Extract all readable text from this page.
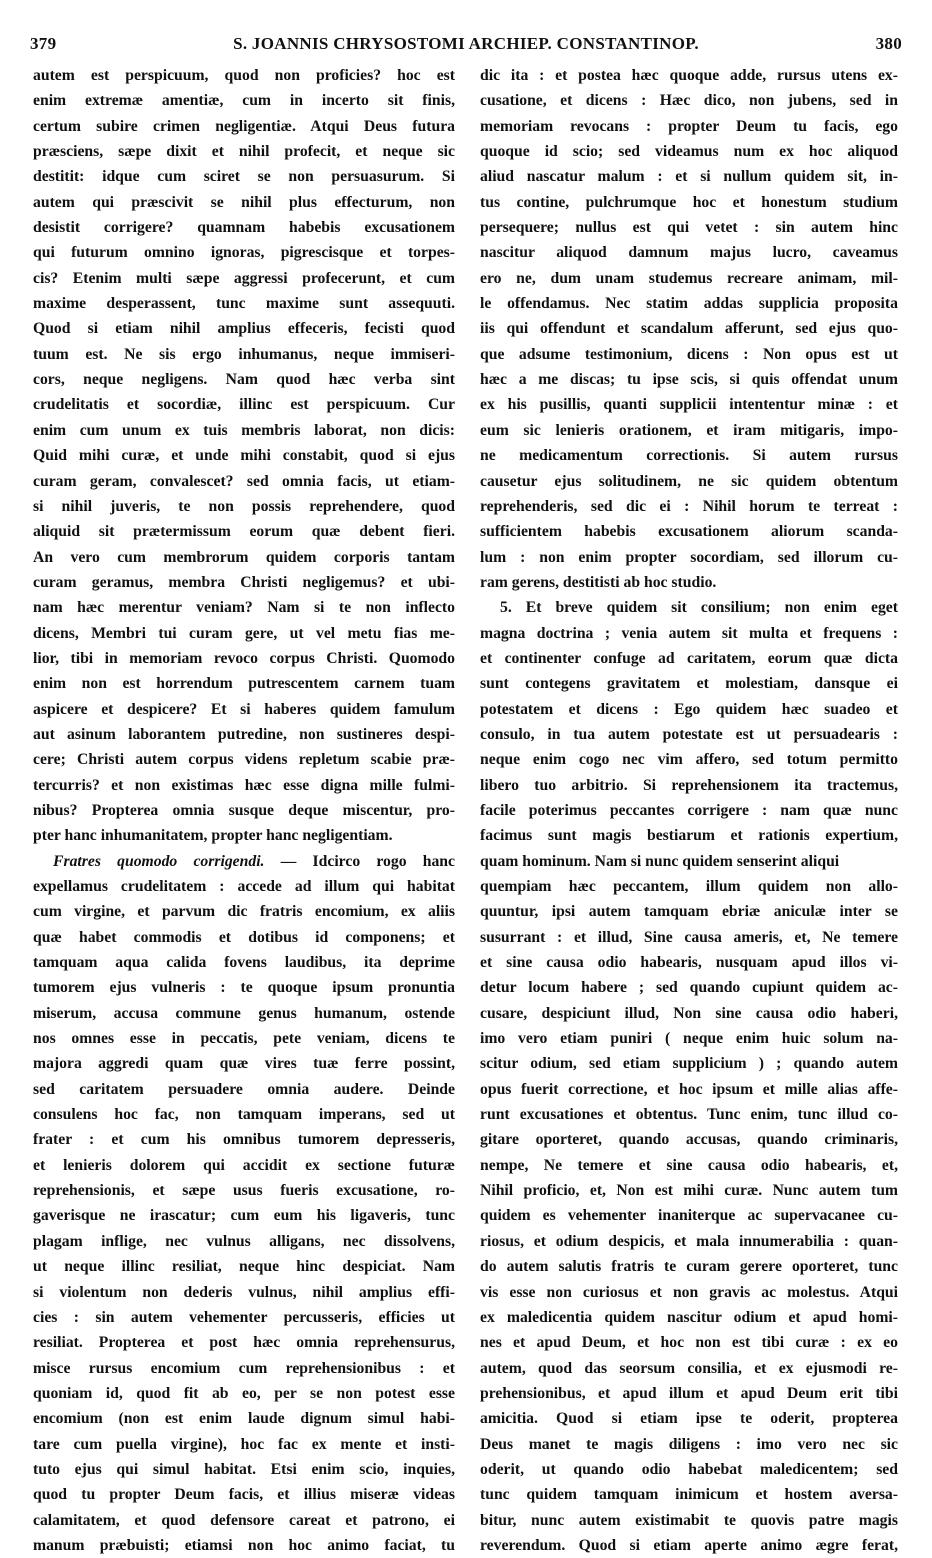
379	S. JOANNIS CHRYSOSTOMI ARCHIEP. CONSTANTINOP.	380
autem est perspicuum, quod non proficies? hoc est
enim extremæ amentiæ, cum in incerto sit finis,
certum subire crimen negligentiæ. Atqui Deus futura
præsciens, sæpe dixit et nihil profecit, et neque sic
destitit: idque cum sciret se non persuasurum. Si
autem qui præscivit se nihil plus effecturum, non
desistit corrigere? quamnam habebis excusationem
qui futurum omnino ignoras, pigrescisque et torpes-
cis? Etenim multi sæpe aggressi profecerunt, et cum
maxime desperassent, tunc maxime sunt assequuti.
Quod si etiam nihil amplius effeceris, fecisti quod
tuum est. Ne sis ergo inhumanus, neque immiseri-
cors, neque negligens. Nam quod hæc verba sint
crudelitatis et socordiæ, illinc est perspicuum. Cur
enim cum unum ex tuis membris laborat, non dicis:
Quid mihi curæ, et unde mihi constabit, quod si ejus
curam geram, convalescet? sed omnia facis, ut etiam-
si nihil juveris, te non possis reprehendere, quod
aliquid sit prætermissum eorum quæ debent fieri.
An vero cum membrorum quidem corporis tantam
curam geramus, membra Christi negligemus? et ubi-
nam hæc merentur veniam? Nam si te non inflecto
dicens, Membri tui curam gere, ut vel metu fias me-
lior, tibi in memoriam revoco corpus Christi. Quomodo
enim non est horrendum putrescentem carnem tuam
aspicere et despicere? Et si haberes quidem famulum
aut asinum laborantem putredine, non sustineres despi-
cere; Christi autem corpus videns repletum scabie præ-
tercurris? et non existimas hæc esse digna mille fulmi-
nibus? Propterea omnia susque deque miscentur, pro-
pter hanc inhumanitatem, propter hanc negligentiam.
Fratres quomodo corrigendi. — Idcirco rogo hanc
expellamus crudelitatem : accede ad illum qui habitat
cum virgine, et parvum dic fratris encomium, ex aliis
quæ habet commodis et dotibus id componens; et
tamquam aqua calida fovens laudibus, ita deprime
tumorem ejus vulneris : te quoque ipsum pronuntia
miserum, accusa commune genus humanum, ostende
nos omnes esse in peccatis, pete veniam, dicens te
majora aggredi quam quæ vires tuæ ferre possint,
sed caritatem persuadere omnia audere. Deinde
consulens hoc fac, non tamquam imperans, sed ut
frater : et cum his omnibus tumorem depresseris,
et lenieris dolorem qui accidit ex sectione futuræ
reprehensionis, et sæpe usus fueris excusatione, ro-
gaverisque ne irascatur; cum eum his ligaveris, tunc
plagam inflige, nec vulnus alligans, nec dissolvens,
ut neque illinc resiliat, neque hinc despiciat. Nam
si violentum non dederis vulnus, nihil amplius effi-
cies : sin autem vehementer percusseris, efficies ut
resiliat. Propterea et post hæc omnia reprehensurus,
misce rursus encomium cum reprehensionibus : et
quoniam id, quod fit ab eo, per se non potest esse
encomium (non est enim laude dignum simul habi-
tare cum puella virgine), hoc fac ex mente et insti-
tuto ejus qui simul habitat. Etsi enim scio, inquies,
quod tu propter Deum facis, et illius miseræ videas
calamitatem, et quod defensore careat et patrono, ei
manum præbuisti; etiamsi non hoc animo faciat, tu
dic ita : et postea hæc quoque adde, rursus utens ex-
cusatione, et dicens : Hæc dico, non jubens, sed in
memoriam revocans : propter Deum tu facis, ego
quoque id scio; sed videamus num ex hoc aliquod
aliud nascatur malum : et si nullum quidem sit, in-
tus contine, pulchrumque hoc et honestum studium
persequere; nullus est qui vetet : sin autem hinc
nascitur aliquod damnum majus lucro, caveamus
ero ne, dum unam studemus recreare animam, mil-
le offendamus. Nec statim addas supplicia proposita
iis qui offendunt et scandalum afferunt, sed ejus quo-
que adsume testimonium, dicens : Non opus est ut
hæc a me discas; tu ipse scis, si quis offendat unum
ex his pusillis, quanti supplicii intententur minæ : et
eum sic lenieris orationem, et iram mitigaris, impo-
ne medicamentum correctionis. Si autem rursus
causetur ejus solitudinem, ne sic quidem obtentum
reprehenderis, sed dic ei : Nihil horum te terreat :
sufficientem habebis excusationem aliorum scanda-
lum : non enim propter socordiam, sed illorum cu-
ram gerens, destitisti ab hoc studio.
5. Et breve quidem sit consilium; non enim eget
magna doctrina ; venia autem sit multa et frequens :
et continenter confuge ad caritatem, eorum quæ dicta
sunt contegens gravitatem et molestiam, dansque ei
potestatem et dicens : Ego quidem hæc suadeo et
consulo, in tua autem potestate est ut persuadearis :
neque enim cogo nec vim affero, sed totum permitto
libero tuo arbitrio. Si reprehensionem ita tractemus,
facile poterimus peccantes corrigere : nam quæ nunc
facimus sunt magis bestiarum et rationis expertium,
quam hominum. Nam si nunc quidem senserint aliqui
quempiam hæc peccantem, illum quidem non allo-
quuntur, ipsi autem tamquam ebriæ aniculæ inter se
susurrant : et illud, Sine causa ameris, et, Ne temere
et sine causa odio habearis, nusquam apud illos vi-
detur locum habere ; sed quando cupiunt quidem ac-
cusare, despiciunt illud, Non sine causa odio haberi,
imo vero etiam puniri ( neque enim huic solum na-
scitur odium, sed etiam supplicium ) ; quando autem
opus fuerit correctione, et hoc ipsum et mille alias affe-
runt excusationes et obtentus. Tunc enim, tunc illud co-
gitare oporteret, quando accusas, quando criminaris,
nempe, Ne temere et sine causa odio habearis, et,
Nihil proficio, et, Non est mihi curæ. Nunc autem tum
quidem es vehementer inaniterque ac supervacanee cu-
riosus, et odium despicis, et mala innumerabilia : quan-
do autem salutis fratris te curam gerere oporteret, tunc
vis esse non curiosus et non gravis ac molestus. Atqui
ex maledicentia quidem nascitur odium et apud homi-
nes et apud Deum, et hoc non est tibi curæ : ex eo
autem, quod das seorsum consilia, et ex ejusmodi re-
prehensionibus, et apud illum et apud Deum erit tibi
amicitia. Quod si etiam ipse te oderit, propterea
Deus manet te magis diligens : imo vero nec sic
oderit, ut quando odio habebat maledicentem; sed
tunc quidem tamquam inimicum et hostem aversa-
bitur, nunc autem existimabit te quovis patre magis
reverendum. Quod si etiam aperte animo ægre ferat,
